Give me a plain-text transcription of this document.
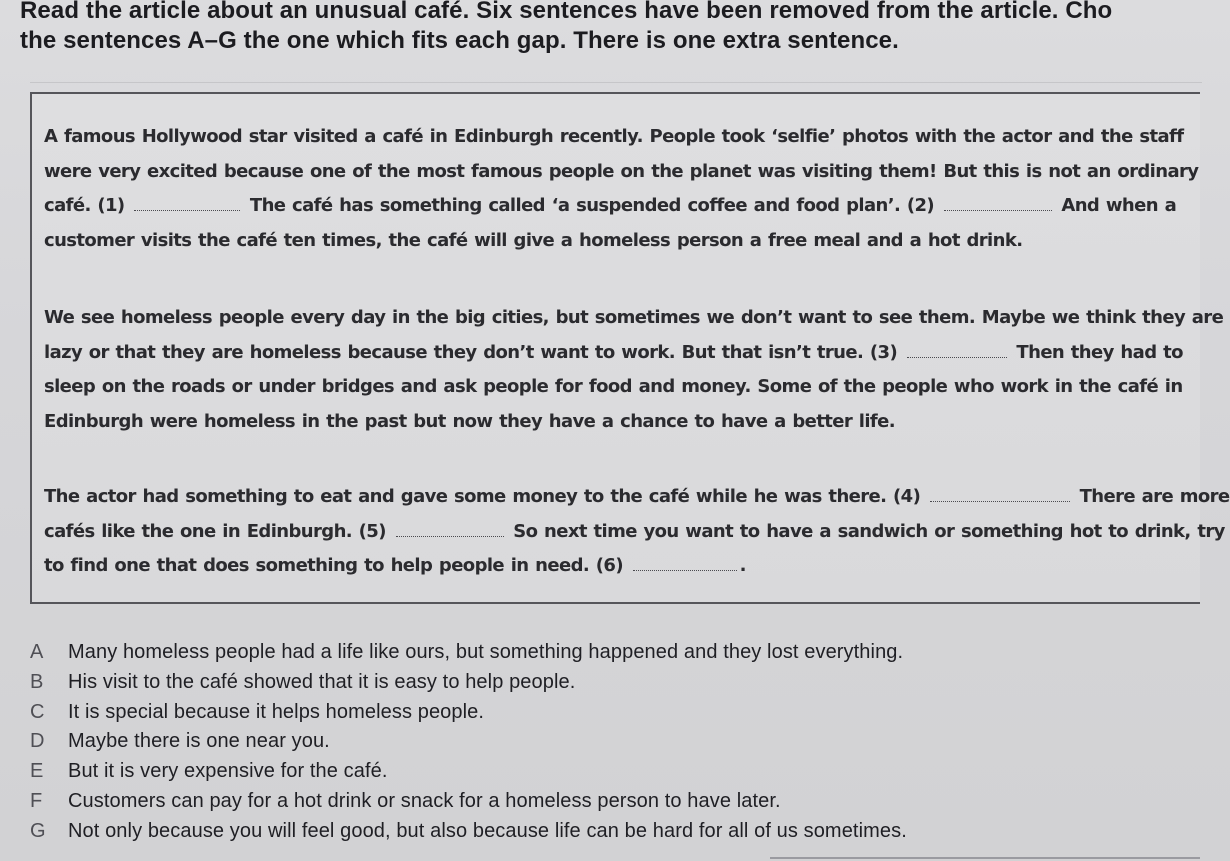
Read the article about an unusual café. Six sentences have been removed from the article. Cho
the sentences A–G the one which fits each gap. There is one extra sentence.
A famous Hollywood star visited a café in Edinburgh recently. People took ‘selfie’ photos with the actor and the staff
were very excited because one of the most famous people on the planet was visiting them! But this is not an ordinary
café. (1)	The café has something called ‘a suspended coffee and food plan’. (2)	And when a
customer visits the café ten times, the café will give a homeless person a free meal and a hot drink.
We see homeless people every day in the big cities, but sometimes we don’t want to see them. Maybe we think they are
lazy or that they are homeless because they don’t want to work. But that isn’t true. (3)	Then they had to
sleep on the roads or under bridges and ask people for food and money. Some of the people who work in the café in
Edinburgh were homeless in the past but now they have a chance to have a better life.
The actor had something to eat and gave some money to the café while he was there. (4)	There are more
cafés like the one in Edinburgh. (5)	So next time you want to have a sandwich or something hot to drink, try
to find one that does something to help people in need. (6)	.
A	Many homeless people had a life like ours, but something happened and they lost everything.
B	His visit to the café showed that it is easy to help people.
C	It is special because it helps homeless people.
D	Maybe there is one near you.
E	But it is very expensive for the café.
F	Customers can pay for a hot drink or snack for a homeless person to have later.
G	Not only because you will feel good, but also because life can be hard for all of us sometimes.
